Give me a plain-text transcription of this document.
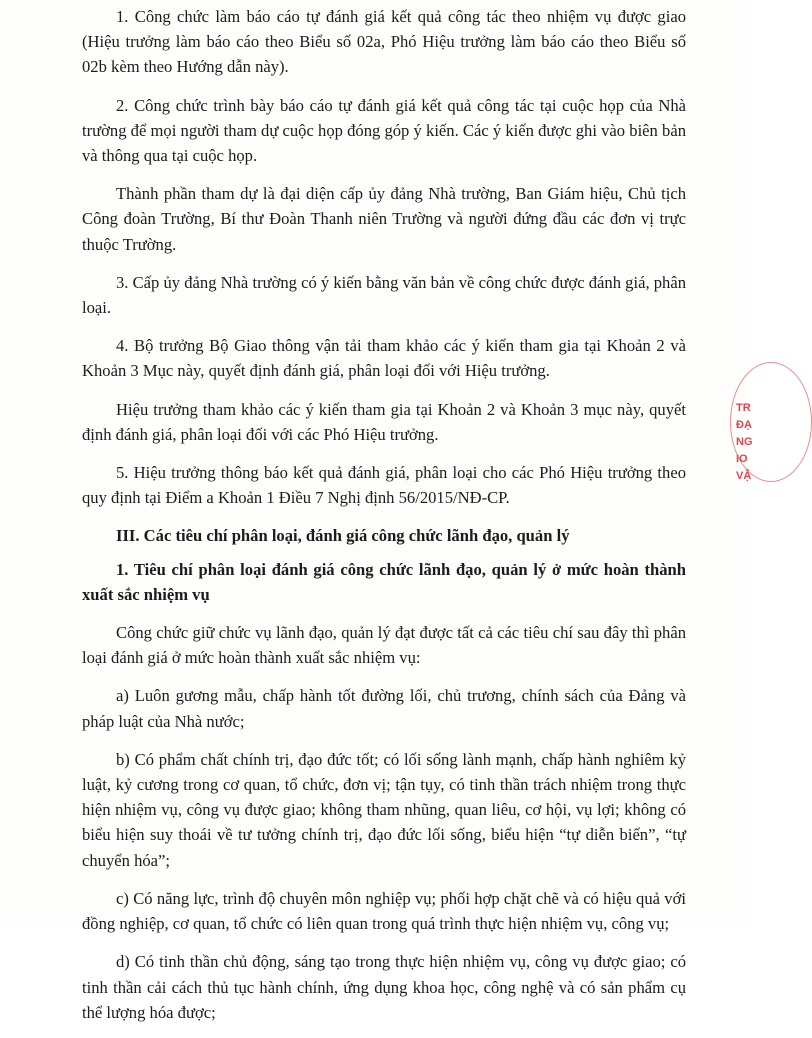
1. Công chức làm báo cáo tự đánh giá kết quả công tác theo nhiệm vụ được giao (Hiệu trưởng làm báo cáo theo Biểu số 02a, Phó Hiệu trưởng làm báo cáo theo Biểu số 02b kèm theo Hướng dẫn này).

2. Công chức trình bày báo cáo tự đánh giá kết quả công tác tại cuộc họp của Nhà trường để mọi người tham dự cuộc họp đóng góp ý kiến. Các ý kiến được ghi vào biên bản và thông qua tại cuộc họp.

Thành phần tham dự là đại diện cấp ủy đảng Nhà trường, Ban Giám hiệu, Chủ tịch Công đoàn Trường, Bí thư Đoàn Thanh niên Trường và người đứng đầu các đơn vị trực thuộc Trường.

3. Cấp ủy đảng Nhà trường có ý kiến bằng văn bản về công chức được đánh giá, phân loại.

4. Bộ trưởng Bộ Giao thông vận tải tham khảo các ý kiến tham gia tại Khoản 2 và Khoản 3 Mục này, quyết định đánh giá, phân loại đối với Hiệu trưởng.

Hiệu trưởng tham khảo các ý kiến tham gia tại Khoản 2 và Khoản 3 mục này, quyết định đánh giá, phân loại đối với các Phó Hiệu trưởng.

5. Hiệu trưởng thông báo kết quả đánh giá, phân loại cho các Phó Hiệu trưởng theo quy định tại Điểm a Khoản 1 Điều 7 Nghị định 56/2015/NĐ-CP.

III. Các tiêu chí phân loại, đánh giá công chức lãnh đạo, quản lý

1. Tiêu chí phân loại đánh giá công chức lãnh đạo, quản lý ở mức hoàn thành xuất sắc nhiệm vụ

Công chức giữ chức vụ lãnh đạo, quản lý đạt được tất cả các tiêu chí sau đây thì phân loại đánh giá ở mức hoàn thành xuất sắc nhiệm vụ:

a) Luôn gương mẫu, chấp hành tốt đường lối, chủ trương, chính sách của Đảng và pháp luật của Nhà nước;

b) Có phẩm chất chính trị, đạo đức tốt; có lối sống lành mạnh, chấp hành nghiêm kỷ luật, kỷ cương trong cơ quan, tổ chức, đơn vị; tận tụy, có tinh thần trách nhiệm trong thực hiện nhiệm vụ, công vụ được giao; không tham nhũng, quan liêu, cơ hội, vụ lợi; không có biểu hiện suy thoái về tư tưởng chính trị, đạo đức lối sống, biểu hiện “tự diễn biến”, “tự chuyển hóa”;

c) Có năng lực, trình độ chuyên môn nghiệp vụ; phối hợp chặt chẽ và có hiệu quả với đồng nghiệp, cơ quan, tổ chức có liên quan trong quá trình thực hiện nhiệm vụ, công vụ;

d) Có tinh thần chủ động, sáng tạo trong thực hiện nhiệm vụ, công vụ được giao; có tinh thần cải cách thủ tục hành chính, ứng dụng khoa học, công nghệ và có sản phẩm cụ thể lượng hóa được;

TR
ĐẠ
NG
IO
VẬ
